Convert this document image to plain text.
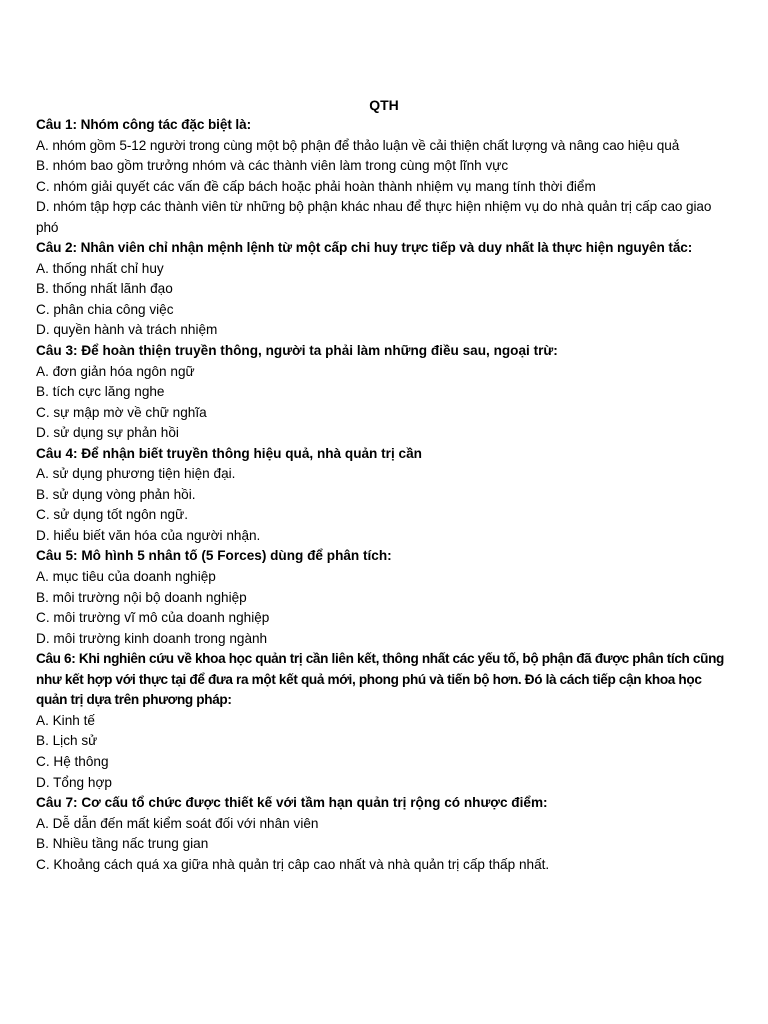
QTH
Câu 1: Nhóm công tác đặc biệt là:
A. nhóm gồm 5-12 người trong cùng một bộ phận để thảo luận về cải thiện chất lượng và nâng cao hiệu quả
B. nhóm bao gồm trưởng nhóm và các thành viên làm trong cùng một lĩnh vực
C. nhóm giải quyết các vấn đề cấp bách hoặc phải hoàn thành nhiệm vụ mang tính thời điểm
D. nhóm tập hợp các thành viên từ những bộ phận khác nhau để thực hiện nhiệm vụ do nhà quản trị cấp cao giao phó
Câu 2: Nhân viên chỉ nhận mệnh lệnh từ một cấp chi huy trực tiếp và duy nhất là thực hiện nguyên tắc:
A. thống nhất chỉ huy
B. thống nhất lãnh đạo
C. phân chia công việc
D. quyền hành và trách nhiệm
Câu 3: Để hoàn thiện truyền thông, người ta phải làm những điều sau, ngoại trừ:
A. đơn giản hóa ngôn ngữ
B. tích cực lăng nghe
C. sự mập mờ về chữ nghĩa
D. sử dụng sự phản hồi
Câu 4: Để nhận biết truyền thông hiệu quả, nhà quản trị cần
A. sử dụng phương tiện hiện đại.
B. sử dụng vòng phản hồi.
C. sử dụng tốt ngôn ngữ.
D. hiểu biết văn hóa của người nhận.
Câu 5: Mô hình 5 nhân tố (5 Forces) dùng để phân tích:
A. mục tiêu của doanh nghiệp
B. môi trường nội bộ doanh nghiệp
C. môi trường vĩ mô của doanh nghiệp
D. môi trường kinh doanh trong ngành
Câu 6: Khi nghiên cứu về khoa học quản trị cần liên kết, thông nhất các yếu tố, bộ phận đã được phân tích cũng như kết hợp với thực tại để đưa ra một kết quả mới, phong phú và tiến bộ hơn. Đó là cách tiếp cận khoa học quản trị dựa trên phương pháp:
A. Kinh tế
B. Lịch sử
C. Hệ thông
D. Tổng hợp
Câu 7: Cơ cấu tổ chức được thiết kế với tầm hạn quản trị rộng có nhược điểm:
A. Dễ dẫn đến mất kiểm soát đối với nhân viên
B. Nhiều tầng nấc trung gian
C. Khoảng cách quá xa giữa nhà quản trị câp cao nhất và nhà quản trị cấp thấp nhất.
